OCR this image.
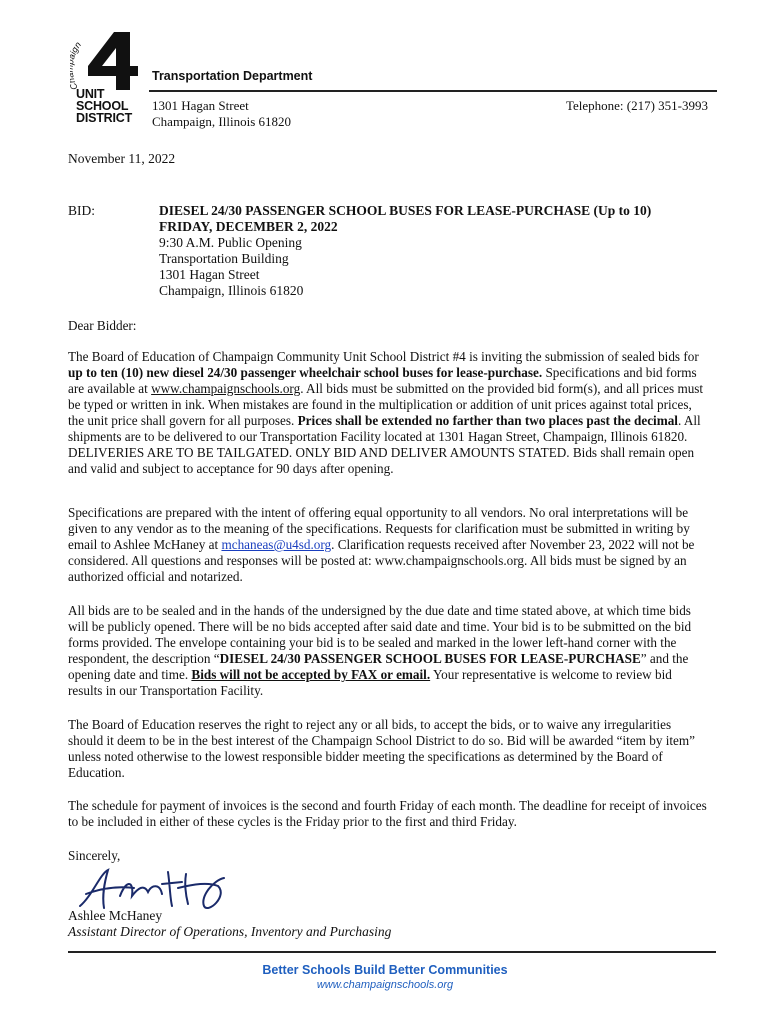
gn
UNIT
SCHOOL
DISTRICT
Transportation Department
1301 Hagan Street
Champaign, Illinois 61820
Telephone: (217) 351-3993
November 11, 2022
BID:	DIESEL 24/30 PASSENGER SCHOOL BUSES FOR LEASE-PURCHASE (Up to 10)
FRIDAY, DECEMBER 2, 2022
9:30 A.M. Public Opening
Transportation Building
1301 Hagan Street
Champaign, Illinois 61820
Dear Bidder:

The Board of Education of Champaign Community Unit School District #4 is inviting the submission of sealed bids for up to ten (10) new diesel 24/30 passenger wheelchair school buses for lease-purchase. Specifications and bid forms are available at www.champaignschools.org. All bids must be submitted on the provided bid form(s), and all prices must be typed or written in ink. When mistakes are found in the multiplication or addition of unit prices against total prices, the unit price shall govern for all purposes. Prices shall be extended no farther than two places past the decimal. All shipments are to be delivered to our Transportation Facility located at 1301 Hagan Street, Champaign, Illinois 61820. DELIVERIES ARE TO BE TAILGATED. ONLY BID AND DELIVER AMOUNTS STATED. Bids shall remain open and valid and subject to acceptance for 90 days after opening.

Specifications are prepared with the intent of offering equal opportunity to all vendors. No oral interpretations will be given to any vendor as to the meaning of the specifications. Requests for clarification must be submitted in writing by email to Ashlee McHaney at mchaneas@u4sd.org. Clarification requests received after November 23, 2022 will not be considered. All questions and responses will be posted at: www.champaignschools.org. All bids must be signed by an authorized official and notarized.

All bids are to be sealed and in the hands of the undersigned by the due date and time stated above, at which time bids will be publicly opened. There will be no bids accepted after said date and time. Your bid is to be submitted on the bid forms provided. The envelope containing your bid is to be sealed and marked in the lower left-hand corner with the respondent, the description “DIESEL 24/30 PASSENGER SCHOOL BUSES FOR LEASE-PURCHASE” and the opening date and time. Bids will not be accepted by FAX or email. Your representative is welcome to review bid results in our Transportation Facility.

The Board of Education reserves the right to reject any or all bids, to accept the bids, or to waive any irregularities should it deem to be in the best interest of the Champaign School District to do so. Bid will be awarded “item by item” unless noted otherwise to the lowest responsible bidder meeting the specifications as determined by the Board of Education.
The schedule for payment of invoices is the second and fourth Friday of each month. The deadline for receipt of invoices to be included in either of these cycles is the Friday prior to the first and third Friday.
Sincerely,
Ashlee McHaney
Assistant Director of Operations, Inventory and Purchasing
Better Schools Build Better Communities
www.champaignschools.org
